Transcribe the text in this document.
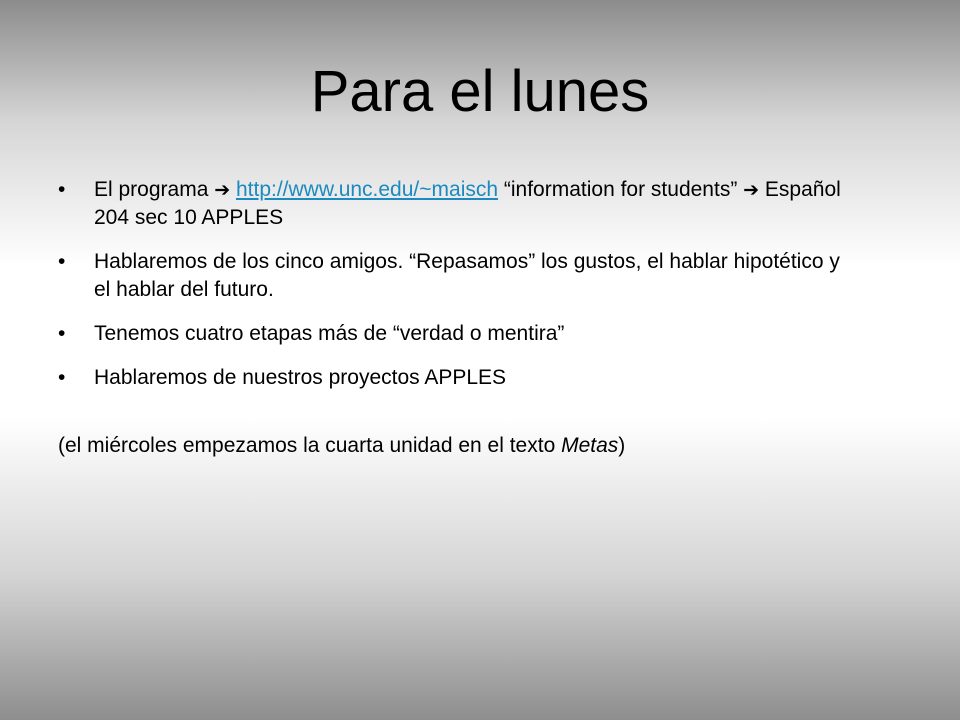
Para el lunes
• El programa ➔ http://www.unc.edu/~maisch “information for students” ➔ Español 204 sec 10 APPLES
• Hablaremos de los cinco amigos. “Repasamos” los gustos, el hablar hipotético y el hablar del futuro.
• Tenemos cuatro etapas más de “verdad o mentira”
• Hablaremos de nuestros proyectos APPLES

(el miércoles empezamos la cuarta unidad en el texto Metas)
